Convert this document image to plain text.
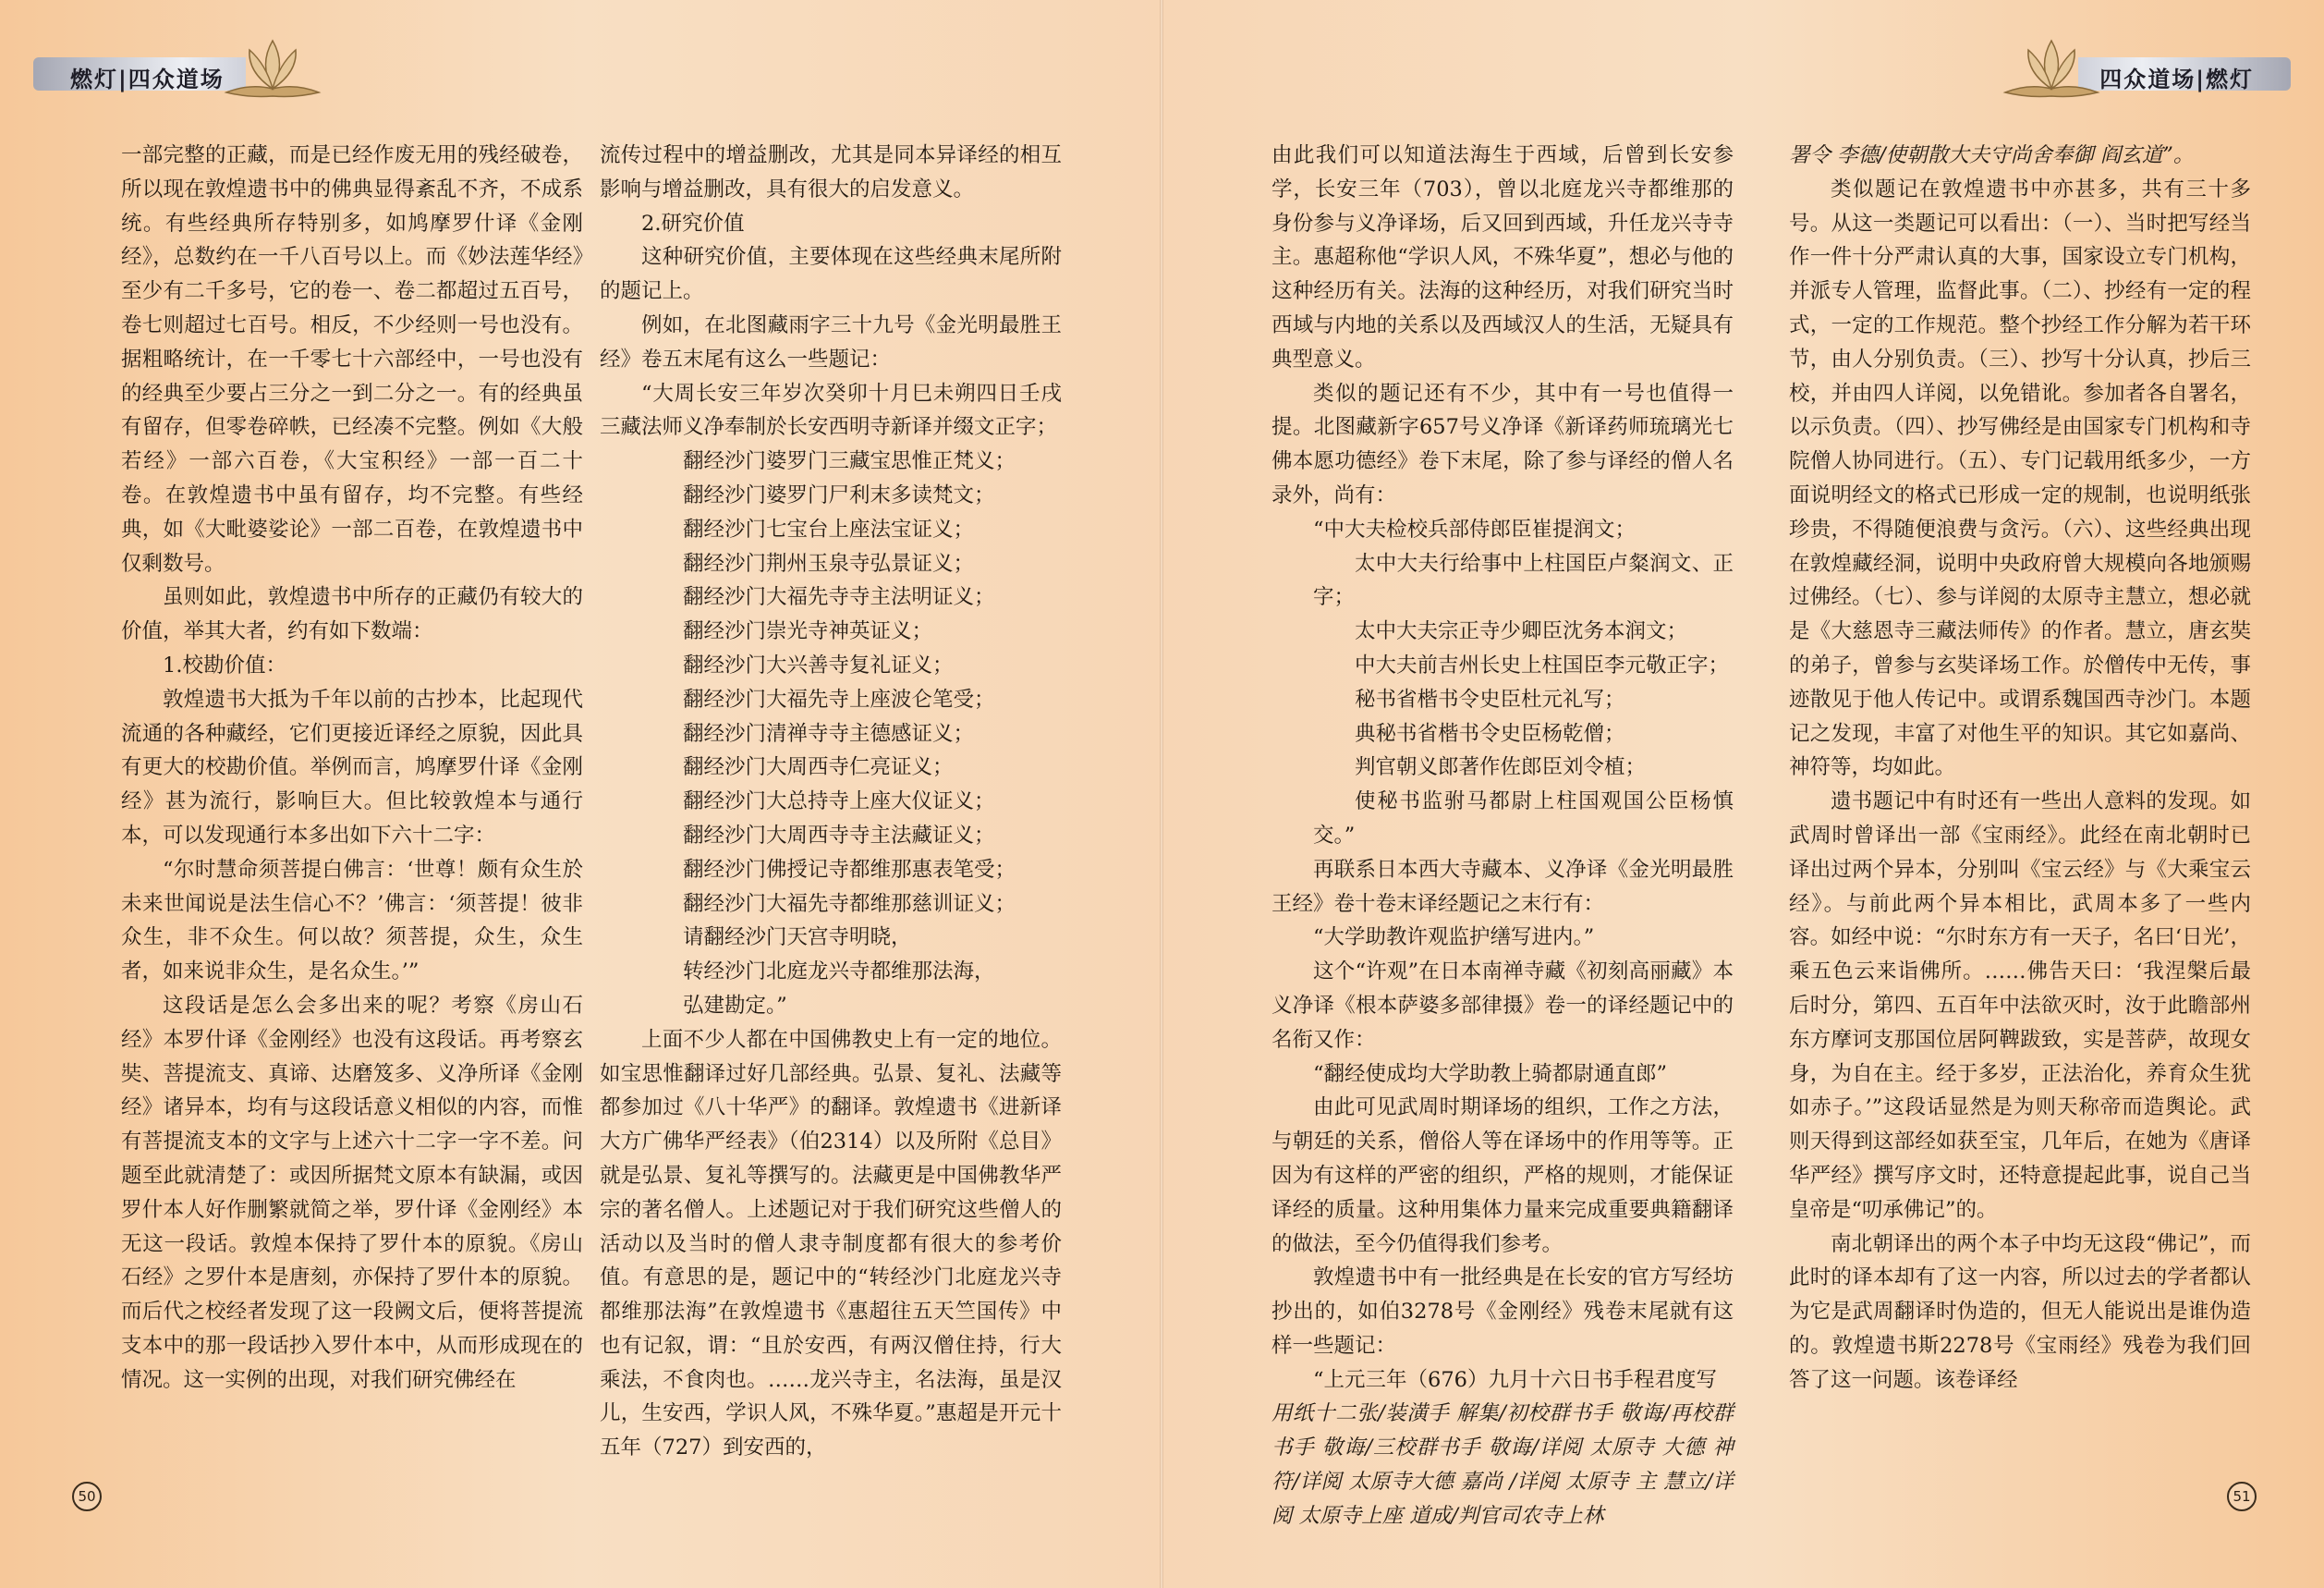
燃灯|四众道场

一部完整的正藏，而是已经作废无用的残经破卷，所以现在敦煌遗书中的佛典显得紊乱不齐，不成系统。有些经典所存特别多，如鸠摩罗什译《金刚经》，总数约在一千八百号以上。而《妙法莲华经》至少有二千多号，它的卷一、卷二都超过五百号，卷七则超过七百号。相反，不少经则一号也没有。据粗略统计，在一千零七十六部经中，一号也没有的经典至少要占三分之一到二分之一。有的经典虽有留存，但零卷碎帙，已经凑不完整。例如《大般若经》一部六百卷，《大宝积经》一部一百二十卷。在敦煌遗书中虽有留存，均不完整。有些经典，如《大毗婆娑论》一部二百卷，在敦煌遗书中仅剩数号。

虽则如此，敦煌遗书中所存的正藏仍有较大的价值，举其大者，约有如下数端：

1.校勘价值：

敦煌遗书大抵为千年以前的古抄本，比起现代流通的各种藏经，它们更接近译经之原貌，因此具有更大的校勘价值。举例而言，鸠摩罗什译《金刚经》甚为流行，影响巨大。但比较敦煌本与通行本，可以发现通行本多出如下六十二字：

“尔时慧命须菩提白佛言：‘世尊！颇有众生於未来世闻说是法生信心不？’佛言：‘须菩提！彼非众生，非不众生。何以故？须菩提，众生，众生者，如来说非众生，是名众生。’”

这段话是怎么会多出来的呢？考察《房山石经》本罗什译《金刚经》也没有这段话。再考察玄奘、菩提流支、真谛、达磨笈多、义净所译《金刚经》诸异本，均有与这段话意义相似的内容，而惟有菩提流支本的文字与上述六十二字一字不差。问题至此就清楚了：或因所据梵文原本有缺漏，或因罗什本人好作删繁就简之举，罗什译《金刚经》本无这一段话。敦煌本保持了罗什本的原貌。《房山石经》之罗什本是唐刻，亦保持了罗什本的原貌。而后代之校经者发现了这一段阙文后，便将菩提流支本中的那一段话抄入罗什本中，从而形成现在的情况。这一实例的出现，对我们研究佛经在

流传过程中的增益删改，尤其是同本异译经的相互影响与增益删改，具有很大的启发意义。

2.研究价值

这种研究价值，主要体现在这些经典末尾所附的题记上。

例如，在北图藏雨字三十九号《金光明最胜王经》卷五末尾有这么一些题记：

“大周长安三年岁次癸卯十月巳未朔四日壬戌三藏法师义净奉制於长安西明寺新译并缀文正字；

翻经沙门婆罗门三藏宝思惟正梵义；

翻经沙门婆罗门尸利末多读梵文；

翻经沙门七宝台上座法宝证义；

翻经沙门荆州玉泉寺弘景证义；

翻经沙门大福先寺寺主法明证义；

翻经沙门崇光寺神英证义；

翻经沙门大兴善寺复礼证义；

翻经沙门大福先寺上座波仑笔受；

翻经沙门清禅寺寺主德感证义；

翻经沙门大周西寺仁亮证义；

翻经沙门大总持寺上座大仪证义；

翻经沙门大周西寺寺主法藏证义；

翻经沙门佛授记寺都维那惠表笔受；

翻经沙门大福先寺都维那慈训证义；

请翻经沙门天宫寺明晓，

转经沙门北庭龙兴寺都维那法海，

弘建勘定。”

上面不少人都在中国佛教史上有一定的地位。如宝思惟翻译过好几部经典。弘景、复礼、法藏等都参加过《八十华严》的翻译。敦煌遗书《进新译大方广佛华严经表》（伯2314）以及所附《总目》就是弘景、复礼等撰写的。法藏更是中国佛教华严宗的著名僧人。上述题记对于我们研究这些僧人的活动以及当时的僧人隶寺制度都有很大的参考价值。有意思的是，题记中的“转经沙门北庭龙兴寺都维那法海”在敦煌遗书《惠超往五天竺国传》中也有记叙，谓：“且於安西，有两汉僧住持，行大乘法，不食肉也。……龙兴寺主，名法海，虽是汉儿，生安西，学识人风，不殊华夏。”惠超是开元十五年（727）到安西的，

50
四众道场|燃灯

由此我们可以知道法海生于西域，后曾到长安参学，长安三年（703），曾以北庭龙兴寺都维那的身份参与义净译场，后又回到西域，升任龙兴寺寺主。惠超称他“学识人风，不殊华夏”，想必与他的这种经历有关。法海的这种经历，对我们研究当时西域与内地的关系以及西域汉人的生活，无疑具有典型意义。

类似的题记还有不少，其中有一号也值得一提。北图藏新字657号义净译《新译药师琉璃光七佛本愿功德经》卷下末尾，除了参与译经的僧人名录外，尚有：

“中大夫检校兵部侍郎臣崔提润文；

太中大夫行给事中上柱国臣卢粲润文、正字；

太中大夫宗正寺少卿臣沈务本润文；

中大夫前吉州长史上柱国臣李元敬正字；

秘书省楷书令史臣杜元礼写；

典秘书省楷书令史臣杨乾僧；

判官朝义郎著作佐郎臣刘令植；

使秘书监驸马都尉上柱国观国公臣杨慎交。”

再联系日本西大寺藏本、义净译《金光明最胜王经》卷十卷末译经题记之末行有：

“大学助教许观监护缮写进内。”

这个“许观”在日本南禅寺藏《初刻高丽藏》本义净译《根本萨婆多部律摄》卷一的译经题记中的名衔又作：

“翻经使成均大学助教上骑都尉通直郎”

由此可见武周时期译场的组织，工作之方法，与朝廷的关系，僧俗人等在译场中的作用等等。正因为有这样的严密的组织，严格的规则，才能保证译经的质量。这种用集体力量来完成重要典籍翻译的做法，至今仍值得我们参考。

敦煌遗书中有一批经典是在长安的官方写经坊抄出的，如伯3278号《金刚经》残卷末尾就有这样一些题记：

“上元三年（676）九月十六日书手程君度写

用纸十二张/装潢手 解集/初校群书手 敬诲/再校群书手 敬诲/三校群书手 敬诲/详阅 太原寺 大德 神符/详阅 太原寺大德 嘉尚 /详阅 太原寺 主 慧立/详阅 太原寺上座 道成/判官司农寺上林

署令 李德/使朝散大夫守尚舍奉御 阎玄道”。

类似题记在敦煌遗书中亦甚多，共有三十多号。从这一类题记可以看出：（一）、当时把写经当作一件十分严肃认真的大事，国家设立专门机构，并派专人管理，监督此事。（二）、抄经有一定的程式，一定的工作规范。整个抄经工作分解为若干环节，由人分别负责。（三）、抄写十分认真，抄后三校，并由四人详阅，以免错讹。参加者各自署名，以示负责。（四）、抄写佛经是由国家专门机构和寺院僧人协同进行。（五）、专门记载用纸多少，一方面说明经文的格式已形成一定的规制，也说明纸张珍贵，不得随便浪费与贪污。（六）、这些经典出现在敦煌藏经洞，说明中央政府曾大规模向各地颁赐过佛经。（七）、参与详阅的太原寺主慧立，想必就是《大慈恩寺三藏法师传》的作者。慧立，唐玄奘的弟子，曾参与玄奘译场工作。於僧传中无传，事迹散见于他人传记中。或谓系魏国西寺沙门。本题记之发现，丰富了对他生平的知识。其它如嘉尚、神符等，均如此。

遗书题记中有时还有一些出人意料的发现。如武周时曾译出一部《宝雨经》。此经在南北朝时已译出过两个异本，分别叫《宝云经》与《大乘宝云经》。与前此两个异本相比，武周本多了一些内容。如经中说：“尔时东方有一天子，名曰‘日光’，乘五色云来诣佛所。……佛告天曰：‘我涅槃后最后时分，第四、五百年中法欲灭时，汝于此瞻部州东方摩诃支那国位居阿鞞跋致，实是菩萨，故现女身，为自在主。经于多岁，正法治化，养育众生犹如赤子。’”这段话显然是为则天称帝而造舆论。武则天得到这部经如获至宝，几年后，在她为《唐译华严经》撰写序文时，还特意提起此事，说自己当皇帝是“叨承佛记”的。

南北朝译出的两个本子中均无这段“佛记”，而此时的译本却有了这一内容，所以过去的学者都认为它是武周翻译时伪造的，但无人能说出是谁伪造的。敦煌遗书斯2278号《宝雨经》残卷为我们回答了这一问题。该卷译经

51
